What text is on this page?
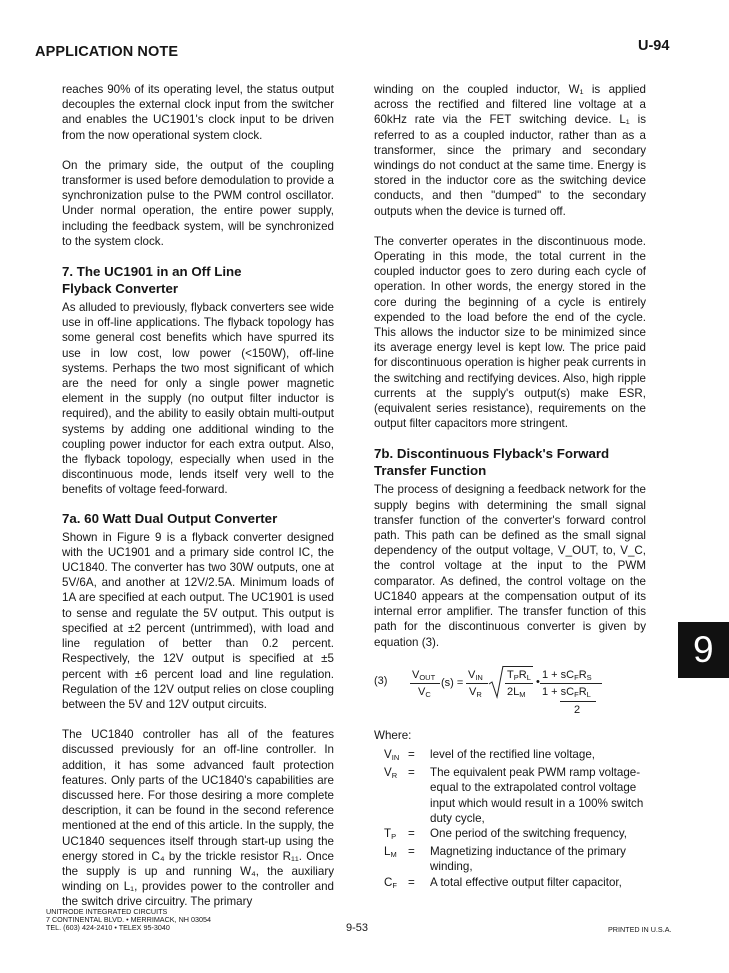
APPLICATION NOTE	U-94

reaches 90% of its operating level, the status output decouples the external clock input from the switcher and enables the UC1901's clock input to be driven from the now operational system clock.

On the primary side, the output of the coupling transformer is used before demodulation to provide a synchronization pulse to the PWM control oscillator. Under normal operation, the entire power supply, including the feedback system, will be synchronized to the system clock.

7. The UC1901 in an Off Line
Flyback Converter

As alluded to previously, flyback converters see wide use in off-line applications. The flyback topology has some general cost benefits which have spurred its use in low cost, low power (<150W), off-line systems. Perhaps the two most significant of which are the need for only a single power magnetic element in the supply (no output filter inductor is required), and the ability to easily obtain multi-output systems by adding one additional winding to the coupling power inductor for each extra output. Also, the flyback topology, especially when used in the discontinuous mode, lends itself very well to the benefits of voltage feed-forward.

7a. 60 Watt Dual Output Converter

Shown in Figure 9 is a flyback converter designed with the UC1901 and a primary side control IC, the UC1840. The converter has two 30W outputs, one at 5V/6A, and another at 12V/2.5A. Minimum loads of 1A are specified at each output. The UC1901 is used to sense and regulate the 5V output. This output is specified at ±2 percent (untrimmed), with load and line regulation of better than 0.2 percent. Respectively, the 12V output is specified at ±5 percent with ±6 percent load and line regulation. Regulation of the 12V output relies on close coupling between the 5V and 12V output circuits.

The UC1840 controller has all of the features discussed previously for an off-line controller. In addition, it has some advanced fault protection features. Only parts of the UC1840's capabilities are discussed here. For those desiring a more complete description, it can be found in the second reference mentioned at the end of this article. In the supply, the UC1840 sequences itself through start-up using the energy stored in C₄ by the trickle resistor R₁₁. Once the supply is up and running W₄, the auxiliary winding on L₁, provides power to the controller and the switch drive circuitry. The primary

winding on the coupled inductor, W₁ is applied across the rectified and filtered line voltage at a 60kHz rate via the FET switching device. L₁ is referred to as a coupled inductor, rather than as a transformer, since the primary and secondary windings do not conduct at the same time. Energy is stored in the inductor core as the switching device conducts, and then "dumped" to the secondary outputs when the device is turned off.

The converter operates in the discontinuous mode. Operating in this mode, the total current in the coupled inductor goes to zero during each cycle of operation. In other words, the energy stored in the core during the beginning of a cycle is entirely expended to the load before the end of the cycle. This allows the inductor size to be minimized since its average energy level is kept low. The price paid for discontinuous operation is higher peak currents in the switching and rectifying devices. Also, high ripple currents at the supply's output(s) make ESR, (equivalent series resistance), requirements on the output filter capacitors more stringent.

7b. Discontinuous Flyback's Forward
Transfer Function

The process of designing a feedback network for the supply begins with determining the small signal transfer function of the converter's forward control path. This path can be defined as the small signal dependency of the output voltage, V_OUT, to, V_C, the control voltage at the input to the PWM comparator. As defined, the control voltage on the UC1840 appears at the compensation output of its internal error amplifier. The transfer function of this path for the discontinuous converter is given by equation (3).

(3) $V_{OUT}$
$V_C$
(s) =
$V_{IN}$
$V_R$
$T_PR_L$
$2L_M$
•
$1 + sC_FR_S$
$1 + sC_FR_L$
2

Where:

$V_{IN}$ =	level of the rectified line voltage,
$V_R$ =	The equivalent peak PWM ramp voltage-equal to the extrapolated control voltage input which would result in a 100% switch duty cycle,
$T_P$	=	One period of the switching frequency,
$L_M$ =	Magnetizing inductance of the primary winding,
$C_F$ =	A total effective output filter capacitor,
9
UNITRODE INTEGRATED CIRCUITS
7 CONTINENTAL BLVD. • MERRIMACK, NH 03054
TEL. (603) 424-2410 • TELEX 95-3040	9-53	PRINTED IN U.S.A.
